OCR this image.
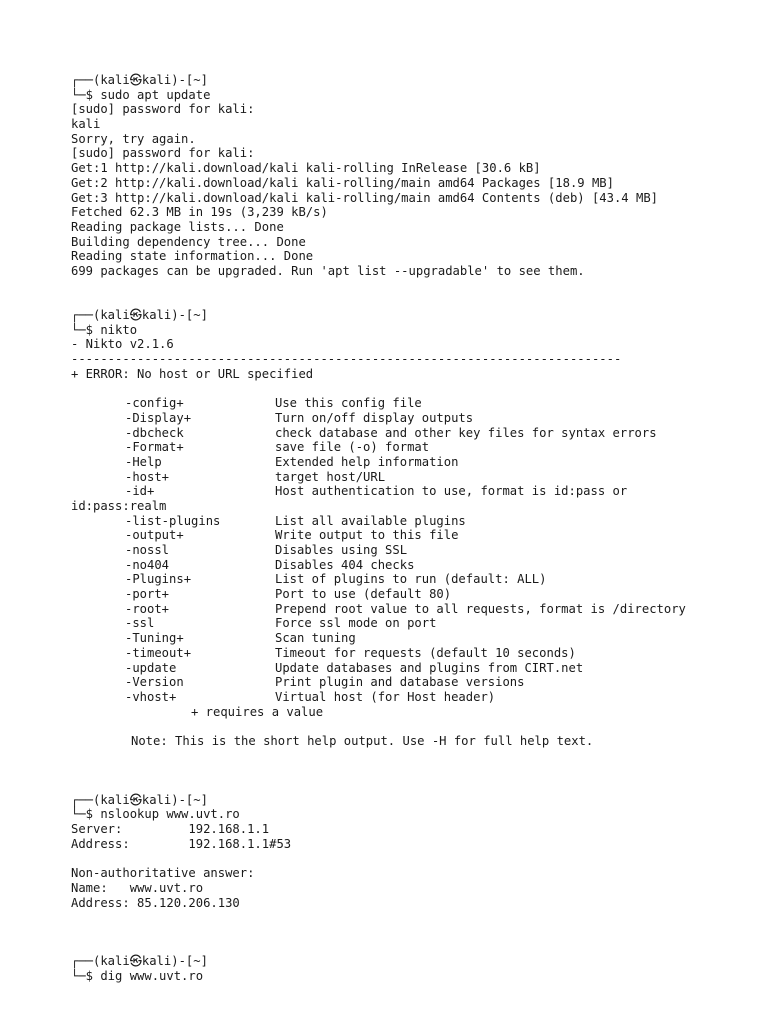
┌──(kali㉿kali)-[~]
└─$ sudo apt update
[sudo] password for kali:
kali
Sorry, try again.
[sudo] password for kali:
Get:1 http://kali.download/kali kali-rolling InRelease [30.6 kB]
Get:2 http://kali.download/kali kali-rolling/main amd64 Packages [18.9 MB]
Get:3 http://kali.download/kali kali-rolling/main amd64 Contents (deb) [43.4 MB]
Fetched 62.3 MB in 19s (3,239 kB/s)
Reading package lists... Done
Building dependency tree... Done
Reading state information... Done
699 packages can be upgraded. Run 'apt list --upgradable' to see them.
┌──(kali㉿kali)-[~]
└─$ nikto
- Nikto v2.1.6
---------------------------------------------------------------------------
+ ERROR: No host or URL specified
-config+	Use this config file
-Display+	Turn on/off display outputs
-dbcheck	check database and other key files for syntax errors
-Format+	save file (-o) format
-Help	Extended help information
-host+	target host/URL
-id+	Host authentication to use, format is id:pass or
id:pass:realm
-list-plugins	List all available plugins
-output+	Write output to this file
-nossl	Disables using SSL
-no404	Disables 404 checks
-Plugins+	List of plugins to run (default: ALL)
-port+	Port to use (default 80)
-root+	Prepend root value to all requests, format is /directory
-ssl	Force ssl mode on port
-Tuning+	Scan tuning
-timeout+	Timeout for requests (default 10 seconds)
-update	Update databases and plugins from CIRT.net
-Version	Print plugin and database versions
-vhost+	Virtual host (for Host header)
+ requires a value
Note: This is the short help output. Use -H for full help text.
┌──(kali㉿kali)-[~]
└─$ nslookup www.uvt.ro
Server:         192.168.1.1
Address:        192.168.1.1#53
Non-authoritative answer:
Name:   www.uvt.ro
Address: 85.120.206.130
┌──(kali㉿kali)-[~]
└─$ dig www.uvt.ro
